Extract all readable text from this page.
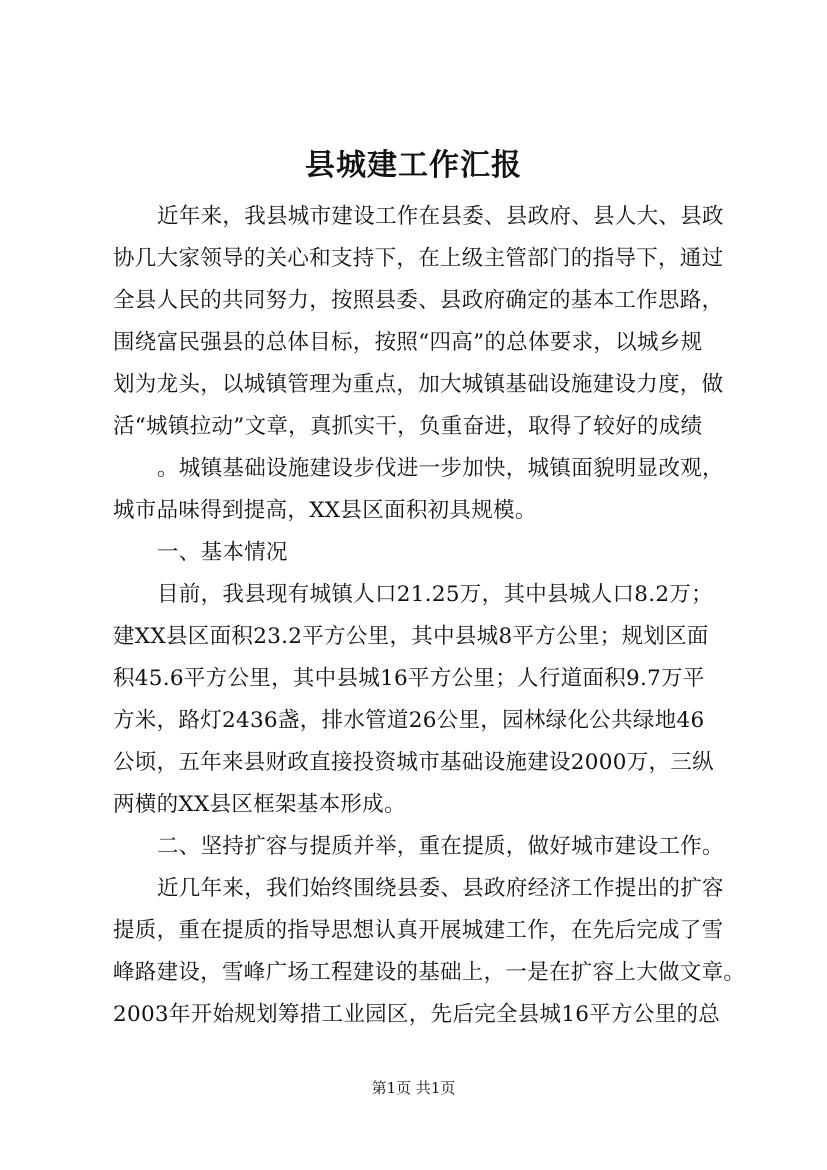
县城建工作汇报
近年来，我县城市建设工作在县委、县政府、县人大、县政
协几大家领导的关心和支持下，在上级主管部门的指导下，通过
全县人民的共同努力，按照县委、县政府确定的基本工作思路，
围绕富民强县的总体目标，按照“四高”的总体要求，以城乡规
划为龙头，以城镇管理为重点，加大城镇基础设施建设力度，做
活“城镇拉动”文章，真抓实干，负重奋进，取得了较好的成绩
。城镇基础设施建设步伐进一步加快，城镇面貌明显改观，
城市品味得到提高，XX县区面积初具规模。
一、基本情况
目前，我县现有城镇人口21.25万，其中县城人口8.2万；
建XX县区面积23.2平方公里，其中县城8平方公里；规划区面
积45.6平方公里，其中县城16平方公里；人行道面积9.7万平
方米，路灯2436盏，排水管道26公里，园林绿化公共绿地46
公顷，五年来县财政直接投资城市基础设施建设2000万，三纵
两横的XX县区框架基本形成。
二、坚持扩容与提质并举，重在提质，做好城市建设工作。
近几年来，我们始终围绕县委、县政府经济工作提出的扩容
提质，重在提质的指导思想认真开展城建工作，在先后完成了雪
峰路建设，雪峰广场工程建设的基础上，一是在扩容上大做文章。
2003年开始规划筹措工业园区，先后完全县城16平方公里的总
第1页 共1页
